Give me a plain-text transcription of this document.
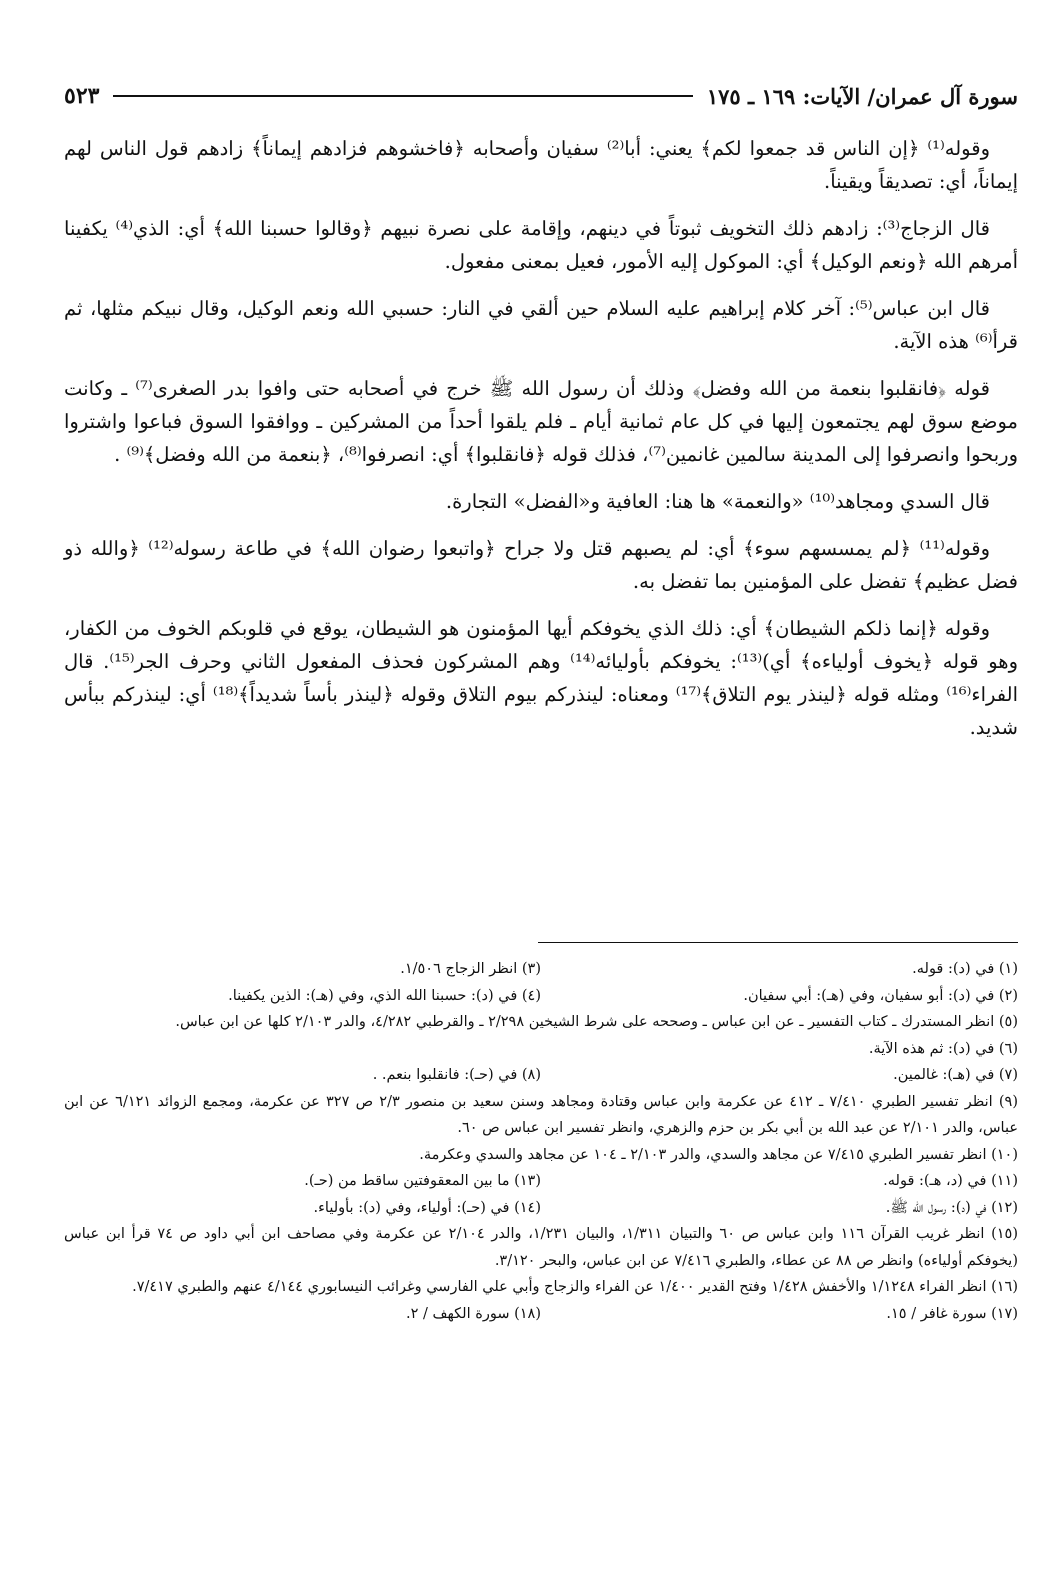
سورة آل عمران/ الآيات: ١٦٩ ـ ١٧٥
٥٢٣

وقوله⁽¹⁾ ﴿إن الناس قد جمعوا لكم﴾ يعني: أبا⁽²⁾ سفيان وأصحابه ﴿فاخشوهم فزادهم إيماناً﴾ زادهم قول الناس لهم إيماناً، أي: تصديقاً ويقيناً.

قال الزجاج⁽³⁾: زادهم ذلك التخويف ثبوتاً في دينهم، وإقامة على نصرة نبيهم ﴿وقالوا حسبنا الله﴾ أي: الذي⁽⁴⁾ يكفينا أمرهم الله ﴿ونعم الوكيل﴾ أي: الموكول إليه الأمور، فعيل بمعنى مفعول.

قال ابن عباس⁽⁵⁾: آخر كلام إبراهيم عليه السلام حين ألقي في النار: حسبي الله ونعم الوكيل، وقال نبيكم مثلها، ثم قرأ⁽⁶⁾ هذه الآية.

قوله ﴿فانقلبوا بنعمة من الله وفضل﴾ وذلك أن رسول الله ﷺ خرج في أصحابه حتى وافوا بدر الصغرى⁽⁷⁾ ـ وكانت موضع سوق لهم يجتمعون إليها في كل عام ثمانية أيام ـ فلم يلقوا أحداً من المشركين ـ ووافقوا السوق فباعوا واشتروا وربحوا وانصرفوا إلى المدينة سالمين غانمين⁽⁷⁾، فذلك قوله ﴿فانقلبوا﴾ أي: انصرفوا⁽⁸⁾، ﴿بنعمة من الله وفضل﴾⁽⁹⁾ .

قال السدي ومجاهد⁽¹⁰⁾ «والنعمة» ها هنا: العافية و«الفضل» التجارة.

وقوله⁽¹¹⁾ ﴿لم يمسسهم سوء﴾ أي: لم يصبهم قتل ولا جراح ﴿واتبعوا رضوان الله﴾ في طاعة رسوله⁽¹²⁾ ﴿والله ذو فضل عظيم﴾ تفضل على المؤمنين بما تفضل به.

وقوله ﴿إنما ذلكم الشيطان﴾ أي: ذلك الذي يخوفكم أيها المؤمنون هو الشيطان، يوقع في قلوبكم الخوف من الكفار، وهو قوله ﴿يخوف أولياءه﴾ أي)⁽¹³⁾: يخوفكم بأوليائه⁽¹⁴⁾ وهم المشركون فحذف المفعول الثاني وحرف الجر⁽¹⁵⁾. قال الفراء⁽¹⁶⁾ ومثله قوله ﴿لينذر يوم التلاق﴾⁽¹⁷⁾ ومعناه: لينذركم بيوم التلاق وقوله ﴿لينذر بأساً شديداً﴾⁽¹⁸⁾ أي: لينذركم ببأس شديد.

(١) في (د): قوله.
(٣) انظر الزجاج ١/٥٠٦.
(٢) في (د): أبو سفيان، وفي (هـ): أبي سفيان.
(٤) في (د): حسبنا الله الذي، وفي (هـ): الذين يكفينا.
(٥) انظر المستدرك ـ كتاب التفسير ـ عن ابن عباس ـ وصححه على شرط الشيخين ٢/٢٩٨ ـ والقرطبي ٤/٢٨٢، والدر ٢/١٠٣ كلها عن ابن عباس.
(٦) في (د): ثم هذه الآية.
(٧) في (هـ): غالمين.
(٨) في (حـ): فانقلبوا بنعم. .
(٩) انظر تفسير الطبري ٧/٤١٠ ـ ٤١٢ عن عكرمة وابن عباس وقتادة ومجاهد وسنن سعيد بن منصور ٢/٣ ص ٣٢٧ عن عكرمة، ومجمع الزوائد ٦/١٢١ عن ابن عباس، والدر ٢/١٠١ عن عبد الله بن أبي بكر بن حزم والزهري، وانظر تفسير ابن عباس ص ٦٠.
(١٠) انظر تفسير الطبري ٧/٤١٥ عن مجاهد والسدي، والدر ٢/١٠٣ ـ ١٠٤ عن مجاهد والسدي وعكرمة.
(١١) في (د، هـ): قوله.
(١٣) ما بين المعقوفتين ساقط من (حـ).
(١٢) في (د): رسول الله ﷺ.
(١٤) في (حـ): أولياء، وفي (د): بأولياء.
(١٥) انظر غريب القرآن ١١٦ وابن عباس ص ٦٠ والتبيان ١/٣١١، والبيان ١/٢٣١، والدر ٢/١٠٤ عن عكرمة وفي مصاحف ابن أبي داود ص ٧٤ قرأ ابن عباس (يخوفكم أولياءه) وانظر ص ٨٨ عن عطاء، والطبري ٧/٤١٦ عن ابن عباس، والبحر ٣/١٢٠.
(١٦) انظر الفراء ١/١٢٤٨ والأخفش ١/٤٢٨ وفتح القدير ١/٤٠٠ عن الفراء والزجاج وأبي علي الفارسي وغرائب النيسابوري ٤/١٤٤ عنهم والطبري ٧/٤١٧.
(١٧) سورة غافر / ١٥.
(١٨) سورة الكهف / ٢.
